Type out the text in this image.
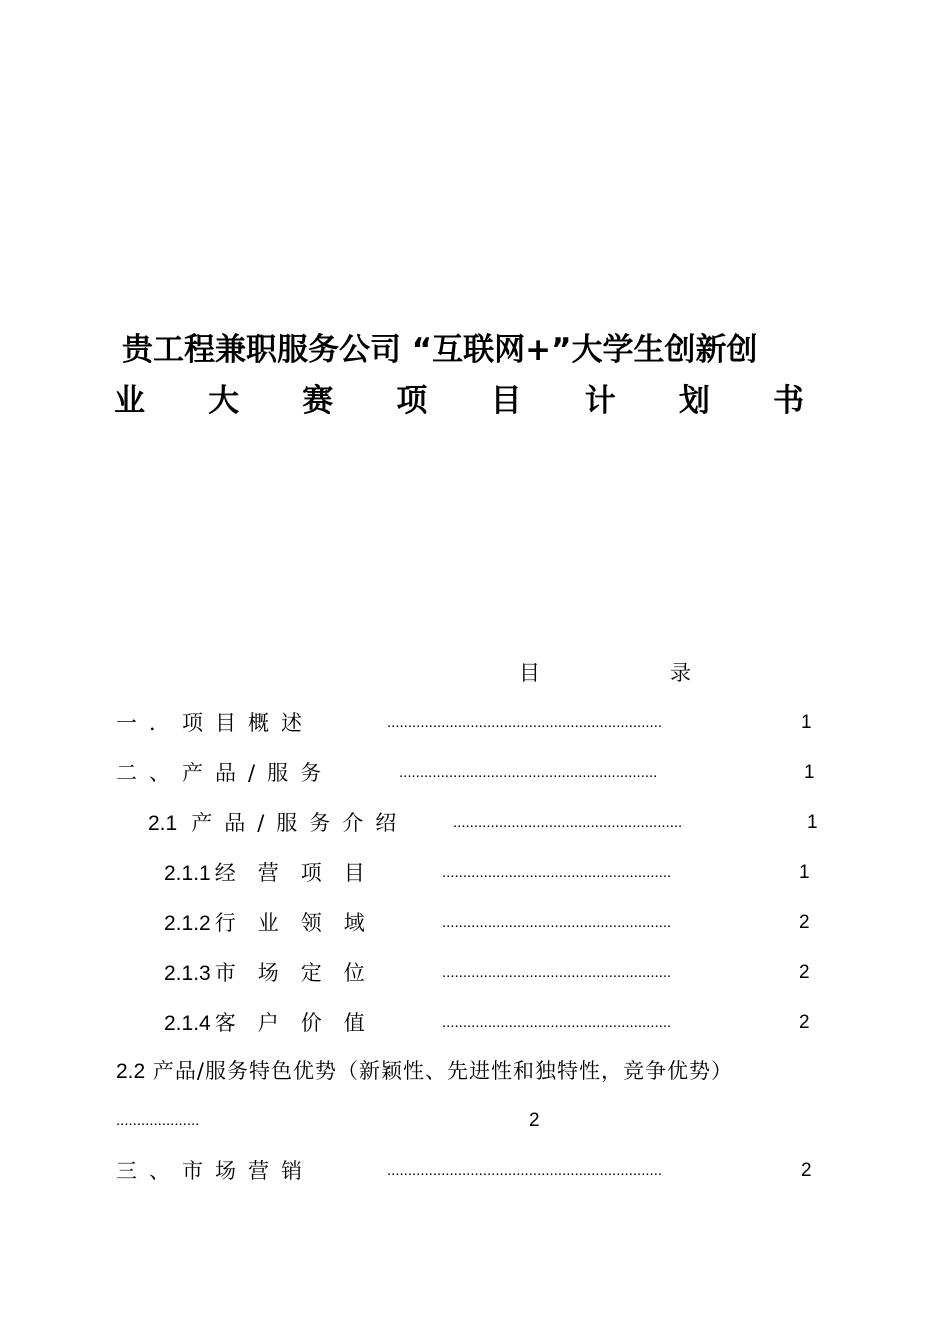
贵工程兼职服务公司 “互联网+”大学生创新创
业 大 赛 项 目 计 划 书
目	录
一．项目概述	..................................................................	1
二、产品/服务	..............................................................	1
2.1 产品/服务介绍	.......................................................	1
2.1.1 经营项目	.......................................................	1
2.1.2 行业领域	.......................................................	2
2.1.3 市场定位	.......................................................	2
2.1.4 客户价值	.......................................................	2
2.2 产品/服务特色优势（新颖性、先进性和独特性，竞争优势）
....................	2
三、市场营销	..................................................................	2
